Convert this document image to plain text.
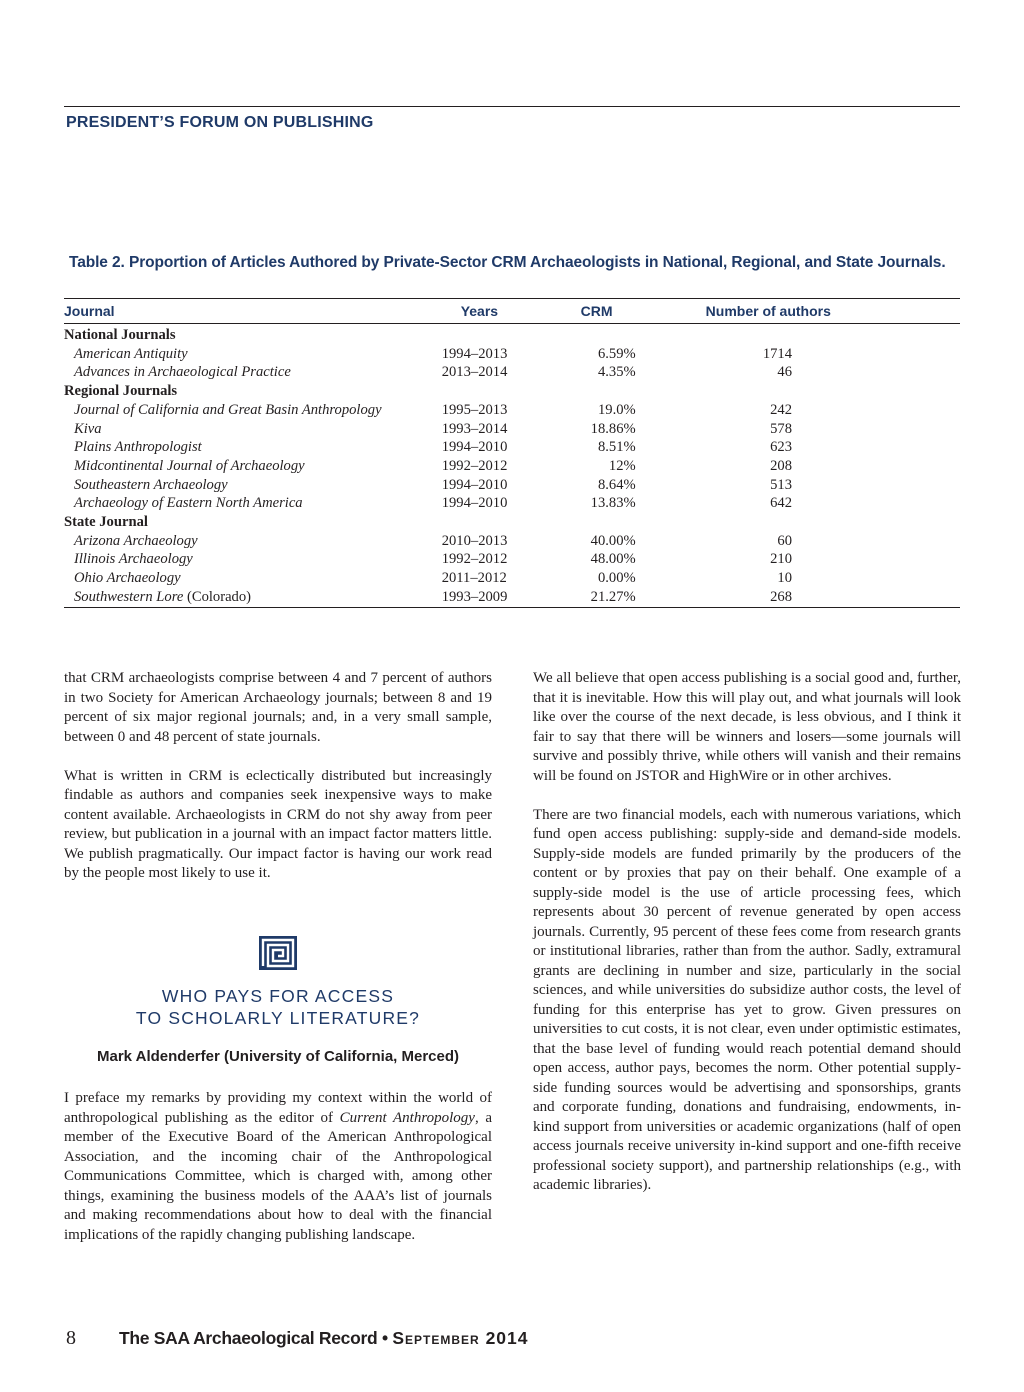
PRESIDENT’S FORUM ON PUBLISHING
Table 2. Proportion of Articles Authored by Private-Sector CRM Archaeologists in National, Regional, and State Journals.
Journal	Years	CRM	Number of authors
National Journals			
American Antiquity	1994–2013	6.59%	1714
Advances in Archaeological Practice	2013–2014	4.35%	46
Regional Journals			
Journal of California and Great Basin Anthropology	1995–2013	19.0%	242
Kiva	1993–2014	18.86%	578
Plains Anthropologist	1994–2010	8.51%	623
Midcontinental Journal of Archaeology	1992–2012	12%	208
Southeastern Archaeology	1994–2010	8.64%	513
Archaeology of Eastern North America	1994–2010	13.83%	642
State Journal			
Arizona Archaeology	2010–2013	40.00%	60
Illinois Archaeology	1992–2012	48.00%	210
Ohio Archaeology	2011–2012	0.00%	10
Southwestern Lore (Colorado)	1993–2009	21.27%	268

that CRM archaeologists comprise between 4 and 7 percent of authors in two Society for American Archaeology journals; between 8 and 19 percent of six major regional journals; and, in a very small sample, between 0 and 48 percent of state journals.

What is written in CRM is eclectically distributed but increasingly findable as authors and companies seek inexpensive ways to make content available. Archaeologists in CRM do not shy away from peer review, but publication in a journal with an impact factor matters little. We publish pragmatically. Our impact factor is having our work read by the people most likely to use it.

WHO PAYS FOR ACCESS
TO SCHOLARLY LITERATURE?
Mark Aldenderfer (University of California, Merced)

I preface my remarks by providing my context within the world of anthropological publishing as the editor of Current Anthropology, a member of the Executive Board of the American Anthropological Association, and the incoming chair of the Anthropological Communications Committee, which is charged with, among other things, examining the business models of the AAA’s list of journals and making recommendations about how to deal with the financial implications of the rapidly changing publishing landscape.

We all believe that open access publishing is a social good and, further, that it is inevitable. How this will play out, and what journals will look like over the course of the next decade, is less obvious, and I think it fair to say that there will be winners and losers—some journals will survive and possibly thrive, while others will vanish and their remains will be found on JSTOR and HighWire or in other archives.

There are two financial models, each with numerous variations, which fund open access publishing: supply-side and demand-side models. Supply-side models are funded primarily by the producers of the content or by proxies that pay on their behalf. One example of a supply-side model is the use of article processing fees, which represents about 30 percent of revenue generated by open access journals. Currently, 95 percent of these fees come from research grants or institutional libraries, rather than from the author. Sadly, extramural grants are declining in number and size, particularly in the social sciences, and while universities do subsidize author costs, the level of funding for this enterprise has yet to grow. Given pressures on universities to cut costs, it is not clear, even under optimistic estimates, that the base level of funding would reach potential demand should open access, author pays, becomes the norm. Other potential supply-side funding sources would be advertising and sponsorships, grants and corporate funding, donations and fundraising, endowments, in-kind support from universities or academic organizations (half of open access journals receive university in-kind support and one-fifth receive professional society support), and partnership relationships (e.g., with academic libraries).

8 The SAA Archaeological Record • September 2014
